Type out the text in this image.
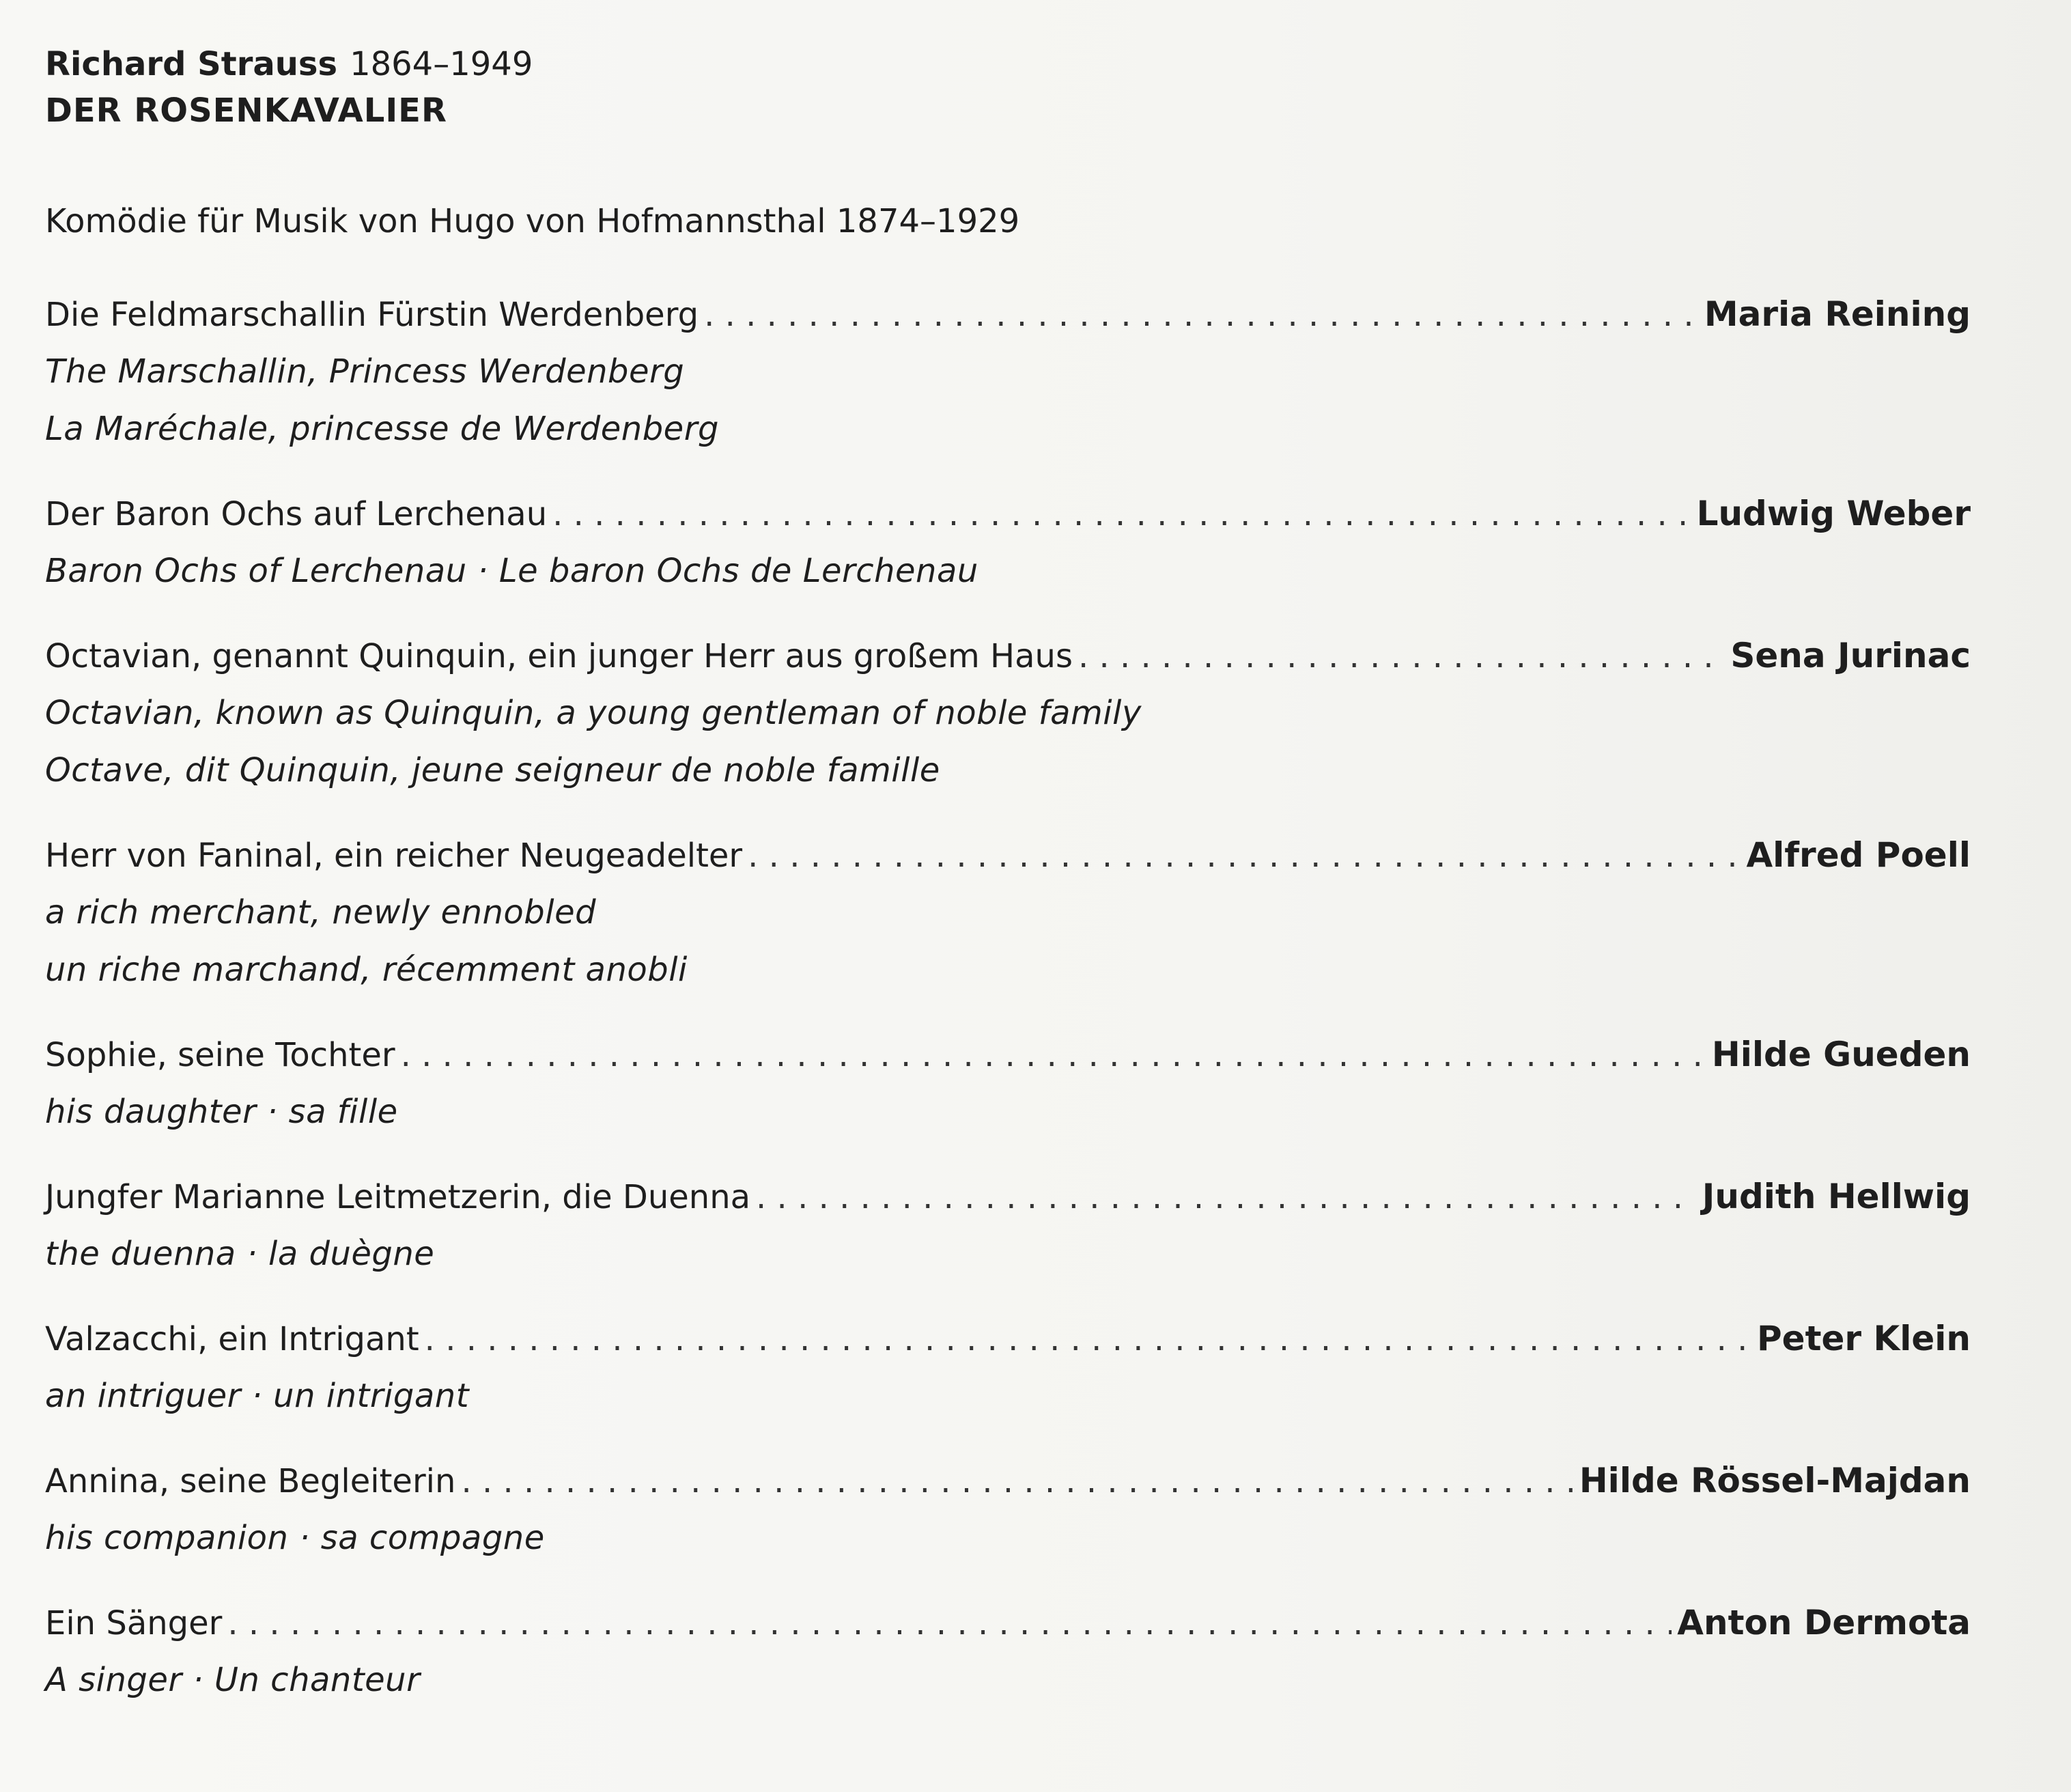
Richard Strauss 1864–1949
DER ROSENKAVALIER
Komödie für Musik von Hugo von Hofmannsthal 1874–1929
Die Feldmarschallin Fürstin Werdenberg . . .	Maria Reining
The Marschallin, Princess Werdenberg
La Maréchale, princesse de Werdenberg
Der Baron Ochs auf Lerchenau . . .	Ludwig Weber
Baron Ochs of Lerchenau · Le baron Ochs de Lerchenau
Octavian, genannt Quinquin, ein junger Herr aus großem Haus . . .	Sena Jurinac
Octavian, known as Quinquin, a young gentleman of noble family
Octave, dit Quinquin, jeune seigneur de noble famille
Herr von Faninal, ein reicher Neugeadelter . . .	Alfred Poell
a rich merchant, newly ennobled
un riche marchand, récemment anobli
Sophie, seine Tochter . . .	Hilde Gueden
his daughter · sa fille
Jungfer Marianne Leitmetzerin, die Duenna . . .	Judith Hellwig
the duenna · la duègne
Valzacchi, ein Intrigant . . .	Peter Klein
an intriguer · un intrigant
Annina, seine Begleiterin . . .	Hilde Rössel-Majdan
his companion · sa compagne
Ein Sänger . . .	Anton Dermota
A singer · Un chanteur
